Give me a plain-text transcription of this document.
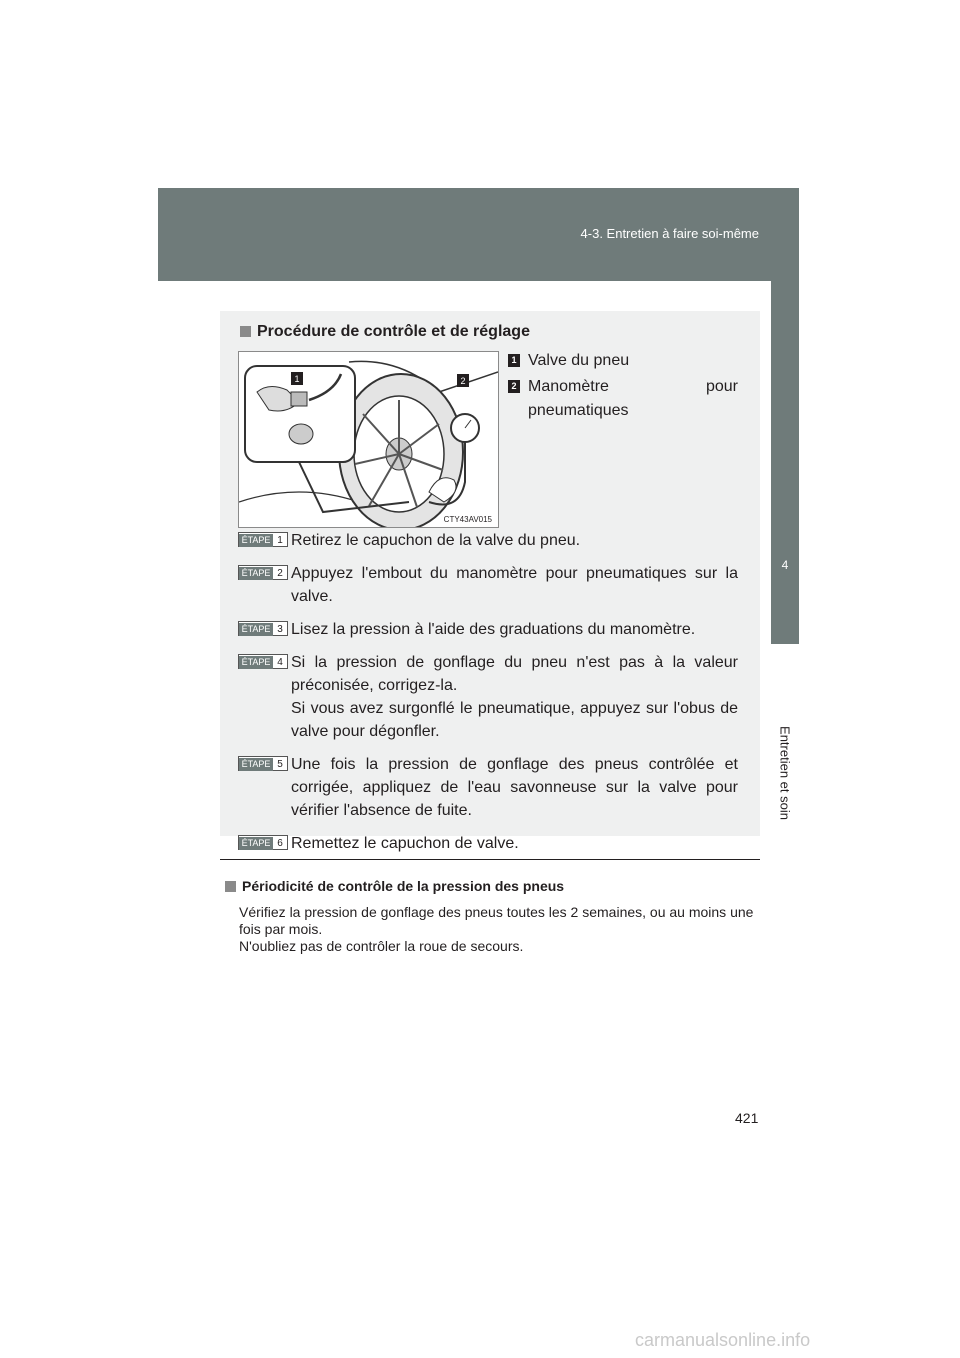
4-3. Entretien à faire soi-même
4
Entretien et soin
Procédure de contrôle et de réglage
1	2
CTY43AV015
1 Valve du pneu
2 Manomètre pour
pneumatiques
ÉTAPE 1 Retirez le capuchon de la valve du pneu.
ÉTAPE 2 Appuyez l'embout du manomètre pour pneumatiques sur la valve.
ÉTAPE 3 Lisez la pression à l'aide des graduations du manomètre.
ÉTAPE 4 Si la pression de gonflage du pneu n'est pas à la valeur préconisée, corrigez-la.
Si vous avez surgonflé le pneumatique, appuyez sur l'obus de valve pour dégonfler.
ÉTAPE 5 Une fois la pression de gonflage des pneus contrôlée et corrigée, appliquez de l'eau savonneuse sur la valve pour vérifier l'absence de fuite.
ÉTAPE 6 Remettez le capuchon de valve.
Périodicité de contrôle de la pression des pneus
Vérifiez la pression de gonflage des pneus toutes les 2 semaines, ou au moins une fois par mois.
N'oubliez pas de contrôler la roue de secours.
421
carmanualsonline.info
